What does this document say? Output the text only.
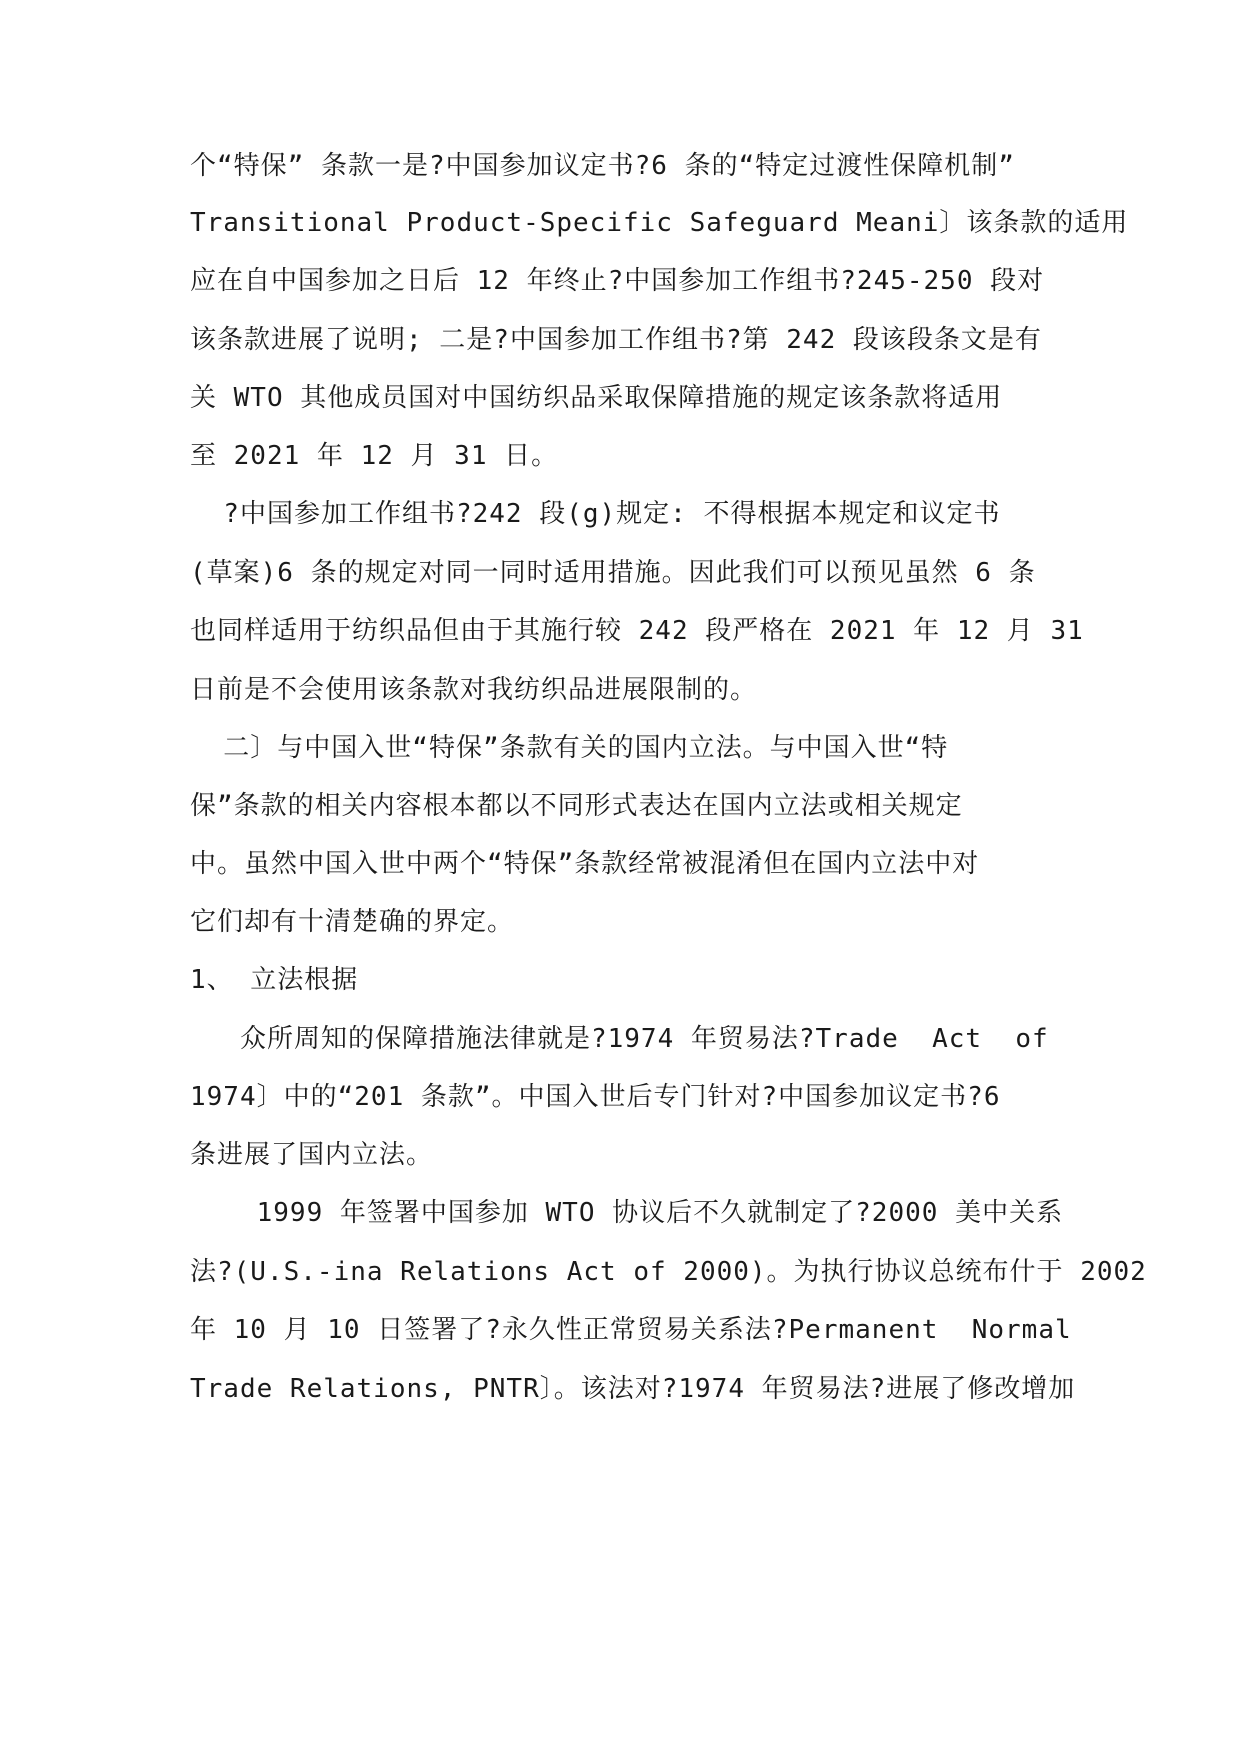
个“特保” 条款一是?中国参加议定书?6 条的“特定过渡性保障机制”
Transitional Product-Specific Safeguard Meani〕该条款的适用
应在自中国参加之日后 12 年终止?中国参加工作组书?245-250 段对
该条款进展了说明; 二是?中国参加工作组书?第 242 段该段条文是有
关 WTO 其他成员国对中国纺织品采取保障措施的规定该条款将适用
至 2021 年 12 月 31 日。
?中国参加工作组书?242 段(g)规定: 不得根据本规定和议定书
(草案)6 条的规定对同一同时适用措施。因此我们可以预见虽然 6 条
也同样适用于纺织品但由于其施行较 242 段严格在 2021 年 12 月 31
日前是不会使用该条款对我纺织品进展限制的。
二〕与中国入世“特保”条款有关的国内立法。与中国入世“特
保”条款的相关内容根本都以不同形式表达在国内立法或相关规定
中。虽然中国入世中两个“特保”条款经常被混淆但在国内立法中对
它们却有十清楚确的界定。
1、 立法根据
众所周知的保障措施法律就是?1974 年贸易法?Trade  Act  of
1974〕中的“201 条款”。中国入世后专门针对?中国参加议定书?6
条进展了国内立法。
1999 年签署中国参加 WTO 协议后不久就制定了?2000 美中关系
法?(U.S.-ina Relations Act of 2000)。为执行协议总统布什于 2002
年 10 月 10 日签署了?永久性正常贸易关系法?Permanent  Normal
Trade Relations, PNTR〕。该法对?1974 年贸易法?进展了修改增加
